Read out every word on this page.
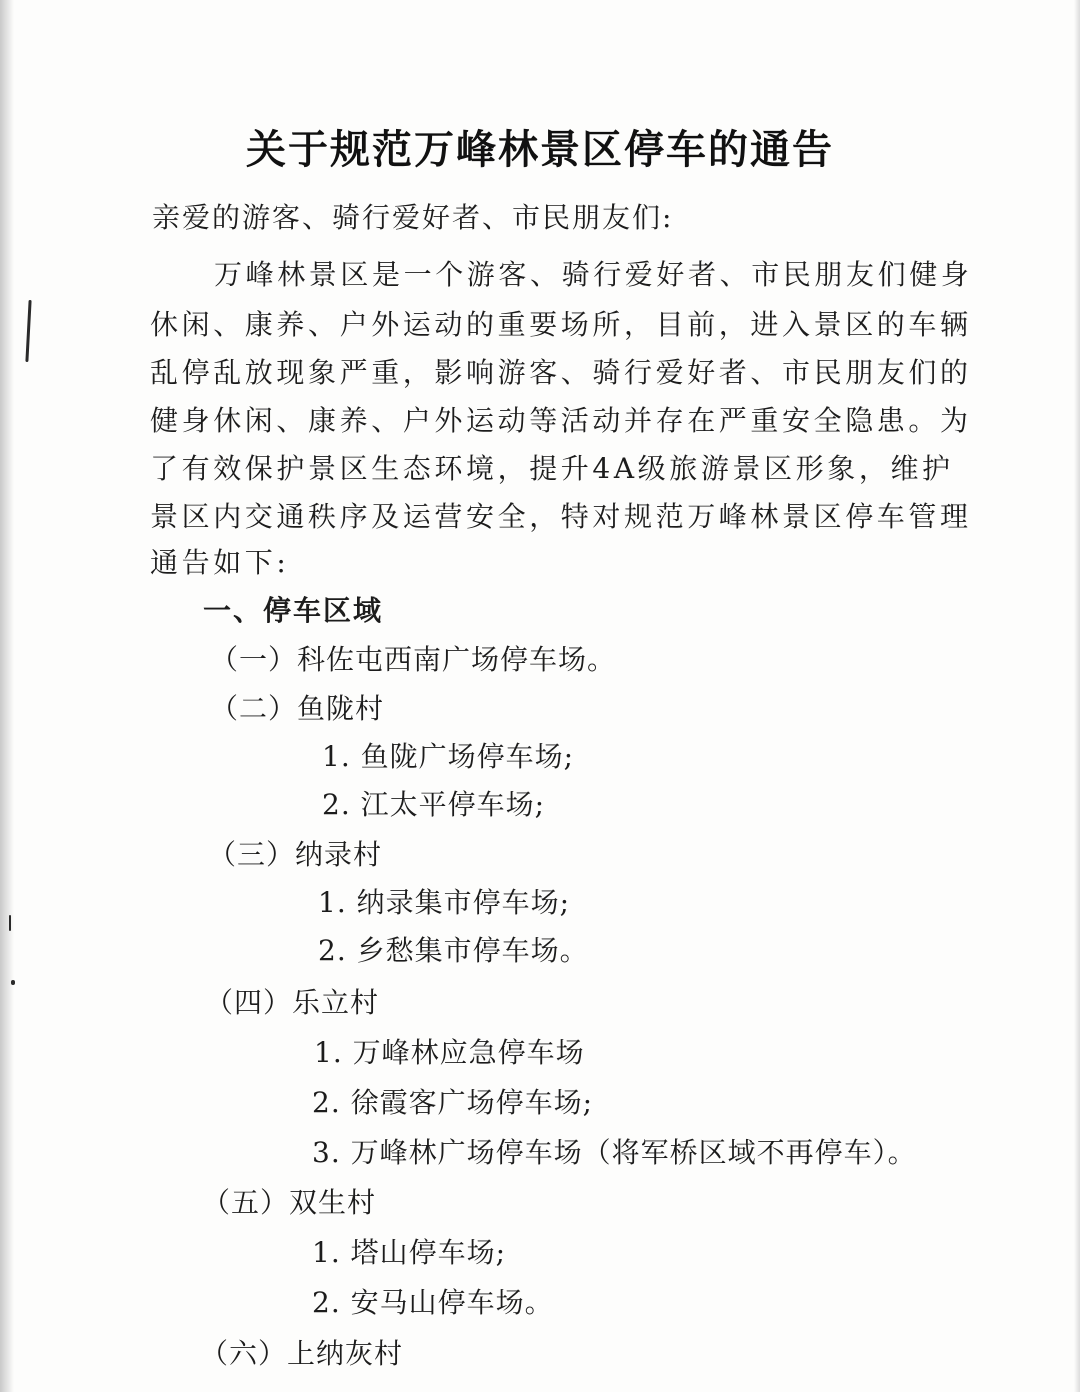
关于规范万峰林景区停车的通告
亲爱的游客、骑行爱好者、市民朋友们:
万峰林景区是一个游客、骑行爱好者、市民朋友们健身
休闲、康养、户外运动的重要场所，目前，进入景区的车辆
乱停乱放现象严重，影响游客、骑行爱好者、市民朋友们的
健身休闲、康养、户外运动等活动并存在严重安全隐患。为
了有效保护景区生态环境，提升4A级旅游景区形象，维护
景区内交通秩序及运营安全，特对规范万峰林景区停车管理
通告如下:
一、停车区域
（一）科佐屯西南广场停车场。
（二）鱼陇村
1. 鱼陇广场停车场;
2. 江太平停车场;
（三）纳录村
1. 纳录集市停车场;
2. 乡愁集市停车场。
（四）乐立村
1. 万峰林应急停车场
2. 徐霞客广场停车场;
3. 万峰林广场停车场（将军桥区域不再停车）。
（五）双生村
1. 塔山停车场;
2. 安马山停车场。
（六）上纳灰村
